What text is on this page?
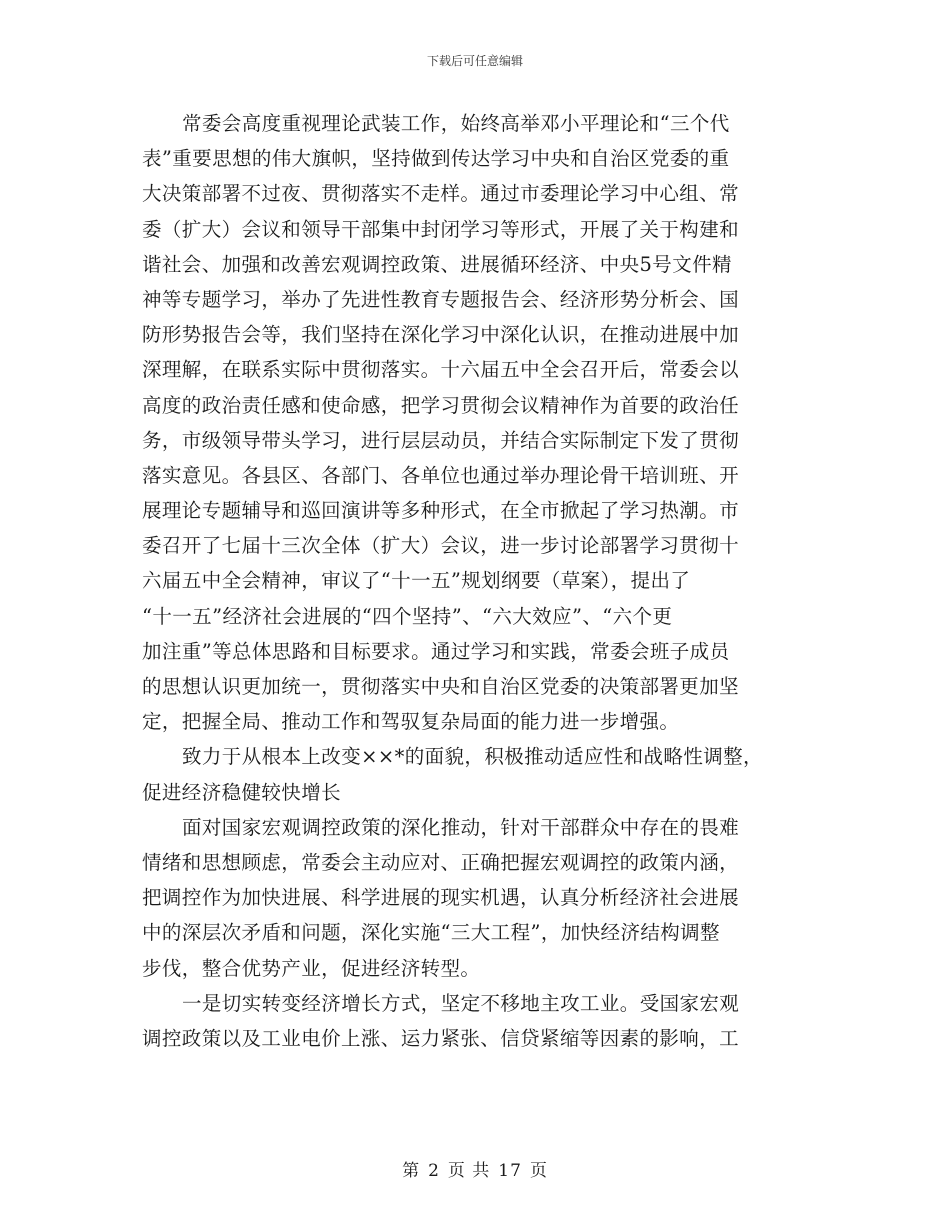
下载后可任意编辑
常委会高度重视理论武装工作，始终高举邓小平理论和“三个代
表”重要思想的伟大旗帜，坚持做到传达学习中央和自治区党委的重
大决策部署不过夜、贯彻落实不走样。通过市委理论学习中心组、常
委（扩大）会议和领导干部集中封闭学习等形式，开展了关于构建和
谐社会、加强和改善宏观调控政策、进展循环经济、中央5号文件精
神等专题学习，举办了先进性教育专题报告会、经济形势分析会、国
防形势报告会等，我们坚持在深化学习中深化认识，在推动进展中加
深理解，在联系实际中贯彻落实。十六届五中全会召开后，常委会以
高度的政治责任感和使命感，把学习贯彻会议精神作为首要的政治任
务，市级领导带头学习，进行层层动员，并结合实际制定下发了贯彻
落实意见。各县区、各部门、各单位也通过举办理论骨干培训班、开
展理论专题辅导和巡回演讲等多种形式，在全市掀起了学习热潮。市
委召开了七届十三次全体（扩大）会议，进一步讨论部署学习贯彻十
六届五中全会精神，审议了“十一五”规划纲要（草案），提出了
“十一五”经济社会进展的“四个坚持”、“六大效应”、“六个更
加注重”等总体思路和目标要求。通过学习和实践，常委会班子成员
的思想认识更加统一，贯彻落实中央和自治区党委的决策部署更加坚
定，把握全局、推动工作和驾驭复杂局面的能力进一步增强。
致力于从根本上改变××*的面貌，积极推动适应性和战略性调整，
促进经济稳健较快增长
面对国家宏观调控政策的深化推动，针对干部群众中存在的畏难
情绪和思想顾虑，常委会主动应对、正确把握宏观调控的政策内涵，
把调控作为加快进展、科学进展的现实机遇，认真分析经济社会进展
中的深层次矛盾和问题，深化实施“三大工程”，加快经济结构调整
步伐，整合优势产业，促进经济转型。
一是切实转变经济增长方式，坚定不移地主攻工业。受国家宏观
调控政策以及工业电价上涨、运力紧张、信贷紧缩等因素的影响，工
第 2 页 共 17 页
